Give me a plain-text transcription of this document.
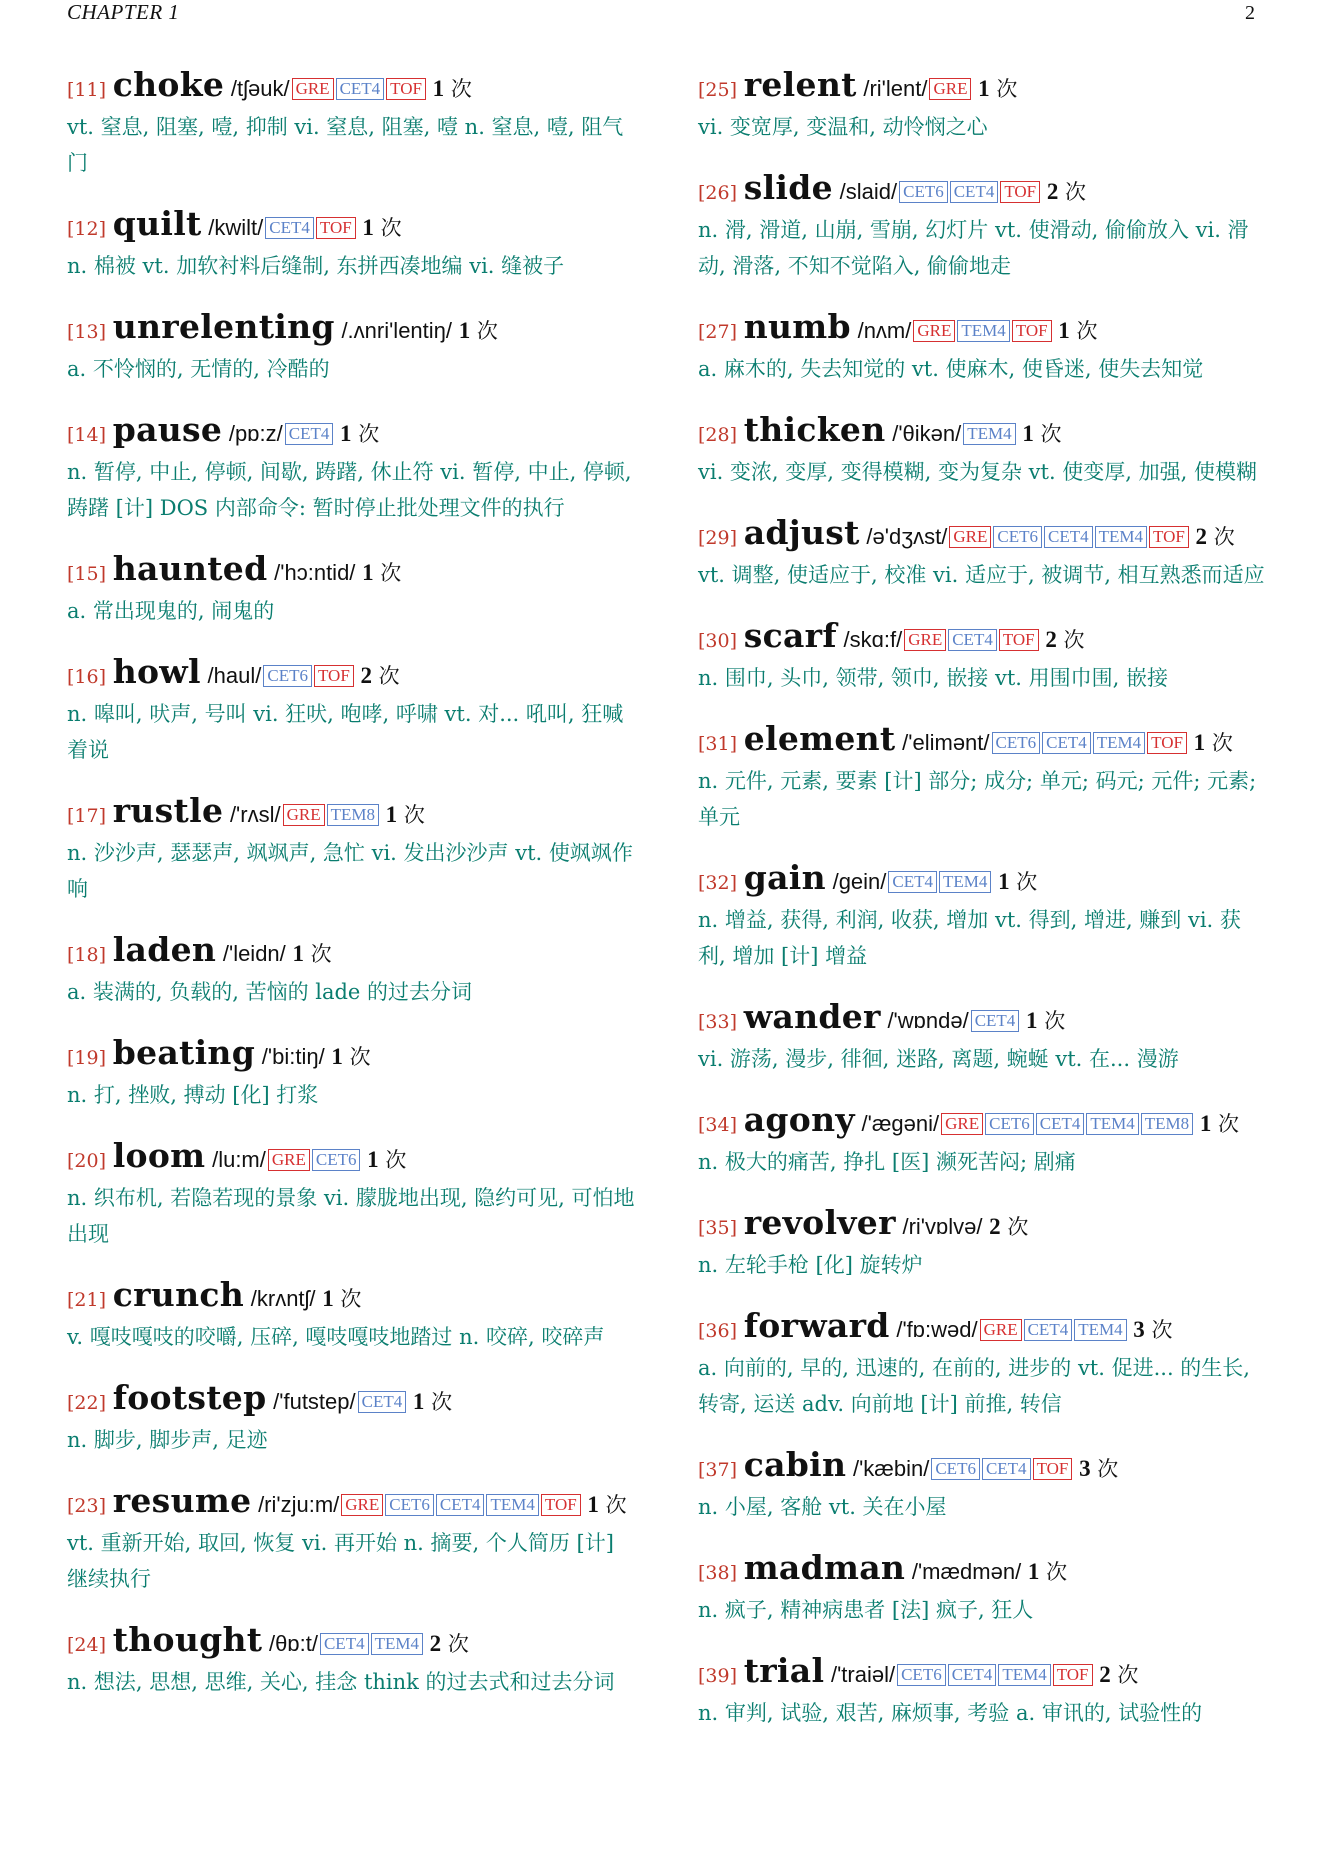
CHAPTER 1	2
[11] choke /tʃəuk/ GRE CET4 TOF 1 次
vt. 窒息, 阻塞, 噎, 抑制 vi. 窒息, 阻塞, 噎 n. 窒息, 噎, 阻气门
[12] quilt /kwilt/ CET4 TOF 1 次
n. 棉被 vt. 加软衬料后缝制, 东拼西凑地编 vi. 缝被子
[13] unrelenting /.ʌnri'lentiŋ/ 1 次
a. 不怜悯的, 无情的, 冷酷的
[14] pause /pɒ:z/ CET4 1 次
n. 暂停, 中止, 停顿, 间歇, 踌躇, 休止符 vi. 暂停, 中止, 停顿, 踌躇 [计] DOS 内部命令: 暂时停止批处理文件的执行
[15] haunted /'hɔ:ntid/ 1 次
a. 常出现鬼的, 闹鬼的
[16] howl /haul/ CET6 TOF 2 次
n. 嗥叫, 吠声, 号叫 vi. 狂吠, 咆哮, 呼啸 vt. 对... 吼叫, 狂喊着说
[17] rustle /'rʌsl/ GRE TEM8 1 次
n. 沙沙声, 瑟瑟声, 飒飒声, 急忙 vi. 发出沙沙声 vt. 使飒飒作响
[18] laden /'leidn/ 1 次
a. 装满的, 负载的, 苦恼的 lade 的过去分词
[19] beating /'bi:tiŋ/ 1 次
n. 打, 挫败, 搏动 [化] 打浆
[20] loom /lu:m/ GRE CET6 1 次
n. 织布机, 若隐若现的景象 vi. 朦胧地出现, 隐约可见, 可怕地出现
[21] crunch /krʌntʃ/ 1 次
v. 嘎吱嘎吱的咬嚼, 压碎, 嘎吱嘎吱地踏过 n. 咬碎, 咬碎声
[22] footstep /'futstep/ CET4 1 次
n. 脚步, 脚步声, 足迹
[23] resume /ri'zju:m/ GRE CET6 CET4 TEM4 TOF 1 次
vt. 重新开始, 取回, 恢复 vi. 再开始 n. 摘要, 个人简历 [计] 继续执行
[24] thought /θɒ:t/ CET4 TEM4 2 次
n. 想法, 思想, 思维, 关心, 挂念 think 的过去式和过去分词
[25] relent /ri'lent/ GRE 1 次
vi. 变宽厚, 变温和, 动怜悯之心
[26] slide /slaid/ CET6 CET4 TOF 2 次
n. 滑, 滑道, 山崩, 雪崩, 幻灯片 vt. 使滑动, 偷偷放入 vi. 滑动, 滑落, 不知不觉陷入, 偷偷地走
[27] numb /nʌm/ GRE TEM4 TOF 1 次
a. 麻木的, 失去知觉的 vt. 使麻木, 使昏迷, 使失去知觉
[28] thicken /'θikən/ TEM4 1 次
vi. 变浓, 变厚, 变得模糊, 变为复杂 vt. 使变厚, 加强, 使模糊
[29] adjust /ə'dʒʌst/ GRE CET6 CET4 TEM4 TOF 2 次
vt. 调整, 使适应于, 校准 vi. 适应于, 被调节, 相互熟悉而适应
[30] scarf /skɑ:f/ GRE CET4 TOF 2 次
n. 围巾, 头巾, 领带, 领巾, 嵌接 vt. 用围巾围, 嵌接
[31] element /'elimənt/ CET6 CET4 TEM4 TOF 1 次
n. 元件, 元素, 要素 [计] 部分; 成分; 单元; 码元; 元件; 元素; 单元
[32] gain /gein/ CET4 TEM4 1 次
n. 增益, 获得, 利润, 收获, 增加 vt. 得到, 增进, 赚到 vi. 获利, 增加 [计] 增益
[33] wander /'wɒndə/ CET4 1 次
vi. 游荡, 漫步, 徘徊, 迷路, 离题, 蜿蜒 vt. 在... 漫游
[34] agony /'ægəni/ GRE CET6 CET4 TEM4 TEM8 1 次
n. 极大的痛苦, 挣扎 [医] 濒死苦闷; 剧痛
[35] revolver /ri'vɒlvə/ 2 次
n. 左轮手枪 [化] 旋转炉
[36] forward /'fɒ:wəd/ GRE CET4 TEM4 3 次
a. 向前的, 早的, 迅速的, 在前的, 进步的 vt. 促进... 的生长, 转寄, 运送 adv. 向前地 [计] 前推, 转信
[37] cabin /'kæbin/ CET6 CET4 TOF 3 次
n. 小屋, 客舱 vt. 关在小屋
[38] madman /'mædmən/ 1 次
n. 疯子, 精神病患者 [法] 疯子, 狂人
[39] trial /'traiəl/ CET6 CET4 TEM4 TOF 2 次
n. 审判, 试验, 艰苦, 麻烦事, 考验 a. 审讯的, 试验性的
